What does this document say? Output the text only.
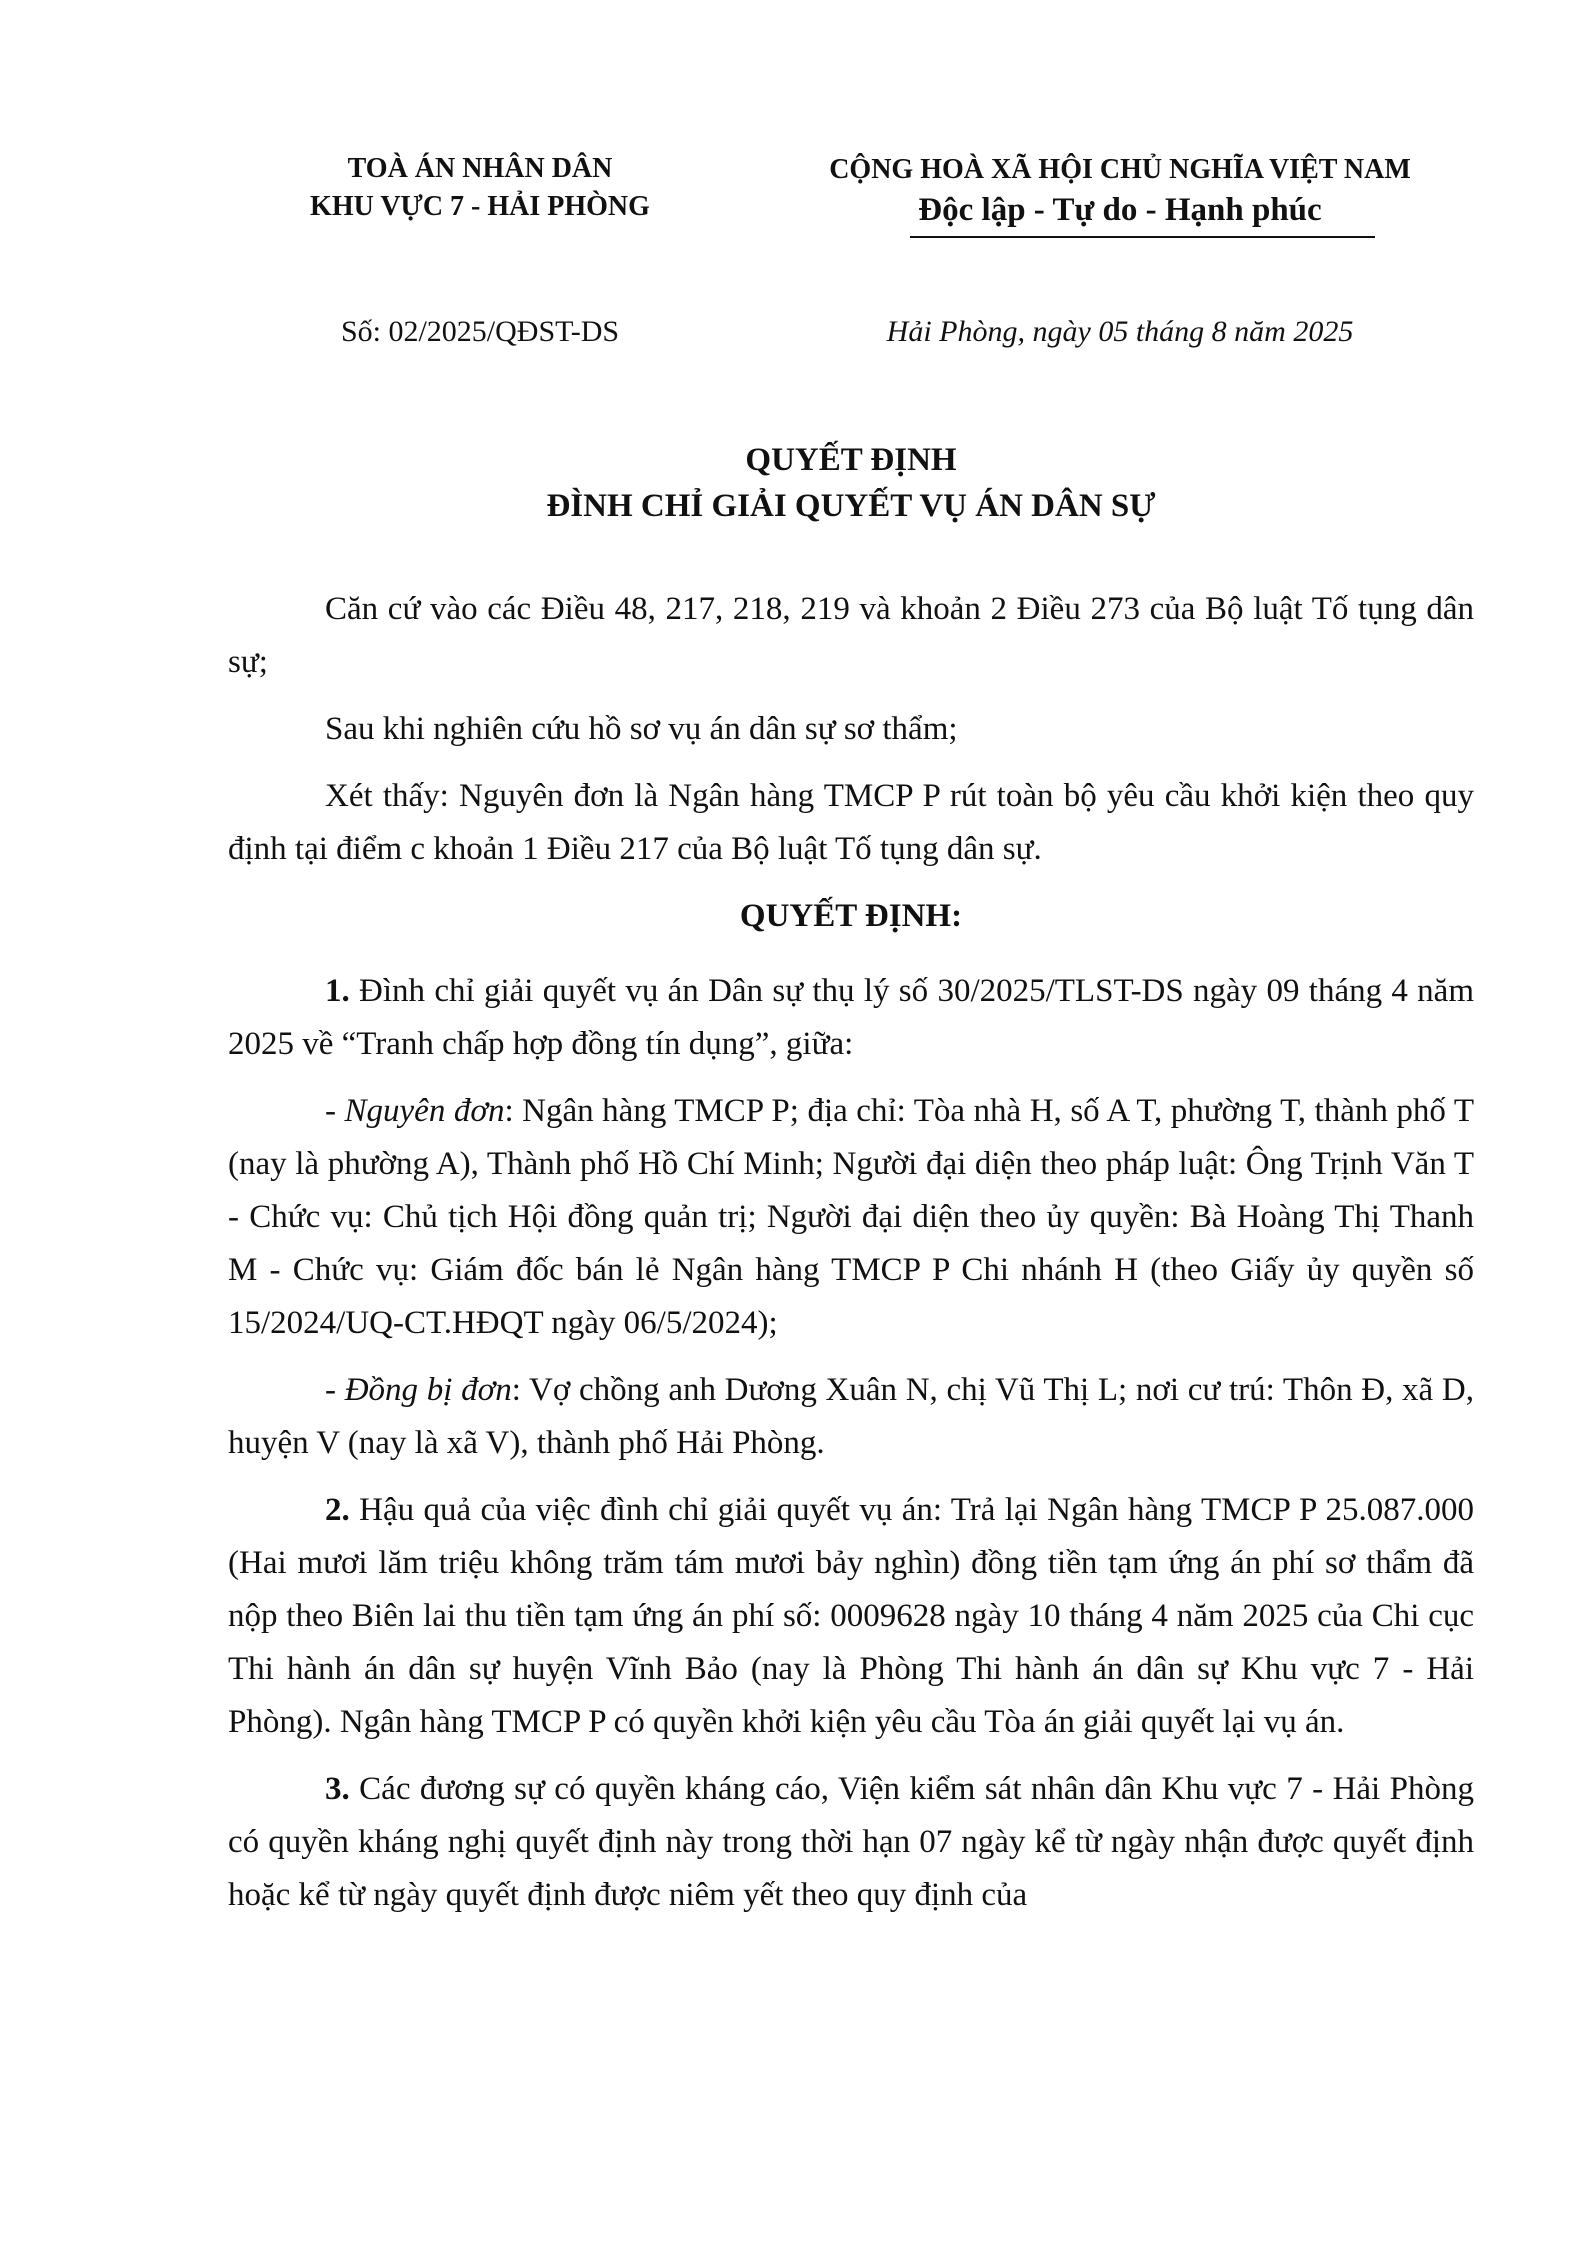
TOÀ ÁN NHÂN DÂN
KHU VỰC 7 - HẢI PHÒNG
CỘNG HOÀ XÃ HỘI CHỦ NGHĨA VIỆT NAM
Độc lập - Tự do - Hạnh phúc
Số: 02/2025/QĐST-DS	Hải Phòng, ngày 05 tháng 8 năm 2025
QUYẾT ĐỊNH
ĐÌNH CHỈ GIẢI QUYẾT VỤ ÁN DÂN SỰ

Căn cứ vào các Điều 48, 217, 218, 219 và khoản 2 Điều 273 của Bộ luật Tố tụng dân sự;

Sau khi nghiên cứu hồ sơ vụ án dân sự sơ thẩm;

Xét thấy: Nguyên đơn là Ngân hàng TMCP P rút toàn bộ yêu cầu khởi kiện theo quy định tại điểm c khoản 1 Điều 217 của Bộ luật Tố tụng dân sự.

QUYẾT ĐỊNH:

1. Đình chỉ giải quyết vụ án Dân sự thụ lý số 30/2025/TLST-DS ngày 09 tháng 4 năm 2025 về “Tranh chấp hợp đồng tín dụng”, giữa:

- Nguyên đơn: Ngân hàng TMCP P; địa chỉ: Tòa nhà H, số A T, phường T, thành phố T (nay là phường A), Thành phố Hồ Chí Minh; Người đại diện theo pháp luật: Ông Trịnh Văn T - Chức vụ: Chủ tịch Hội đồng quản trị; Người đại diện theo ủy quyền: Bà Hoàng Thị Thanh M - Chức vụ: Giám đốc bán lẻ Ngân hàng TMCP P Chi nhánh H (theo Giấy ủy quyền số 15/2024/UQ-CT.HĐQT ngày 06/5/2024);

- Đồng bị đơn: Vợ chồng anh Dương Xuân N, chị Vũ Thị L; nơi cư trú: Thôn Đ, xã D, huyện V (nay là xã V), thành phố Hải Phòng.

2. Hậu quả của việc đình chỉ giải quyết vụ án: Trả lại Ngân hàng TMCP P 25.087.000 (Hai mươi lăm triệu không trăm tám mươi bảy nghìn) đồng tiền tạm ứng án phí sơ thẩm đã nộp theo Biên lai thu tiền tạm ứng án phí số: 0009628 ngày 10 tháng 4 năm 2025 của Chi cục Thi hành án dân sự huyện Vĩnh Bảo (nay là Phòng Thi hành án dân sự Khu vực 7 - Hải Phòng). Ngân hàng TMCP P có quyền khởi kiện yêu cầu Tòa án giải quyết lại vụ án.

3. Các đương sự có quyền kháng cáo, Viện kiểm sát nhân dân Khu vực 7 - Hải Phòng có quyền kháng nghị quyết định này trong thời hạn 07 ngày kể từ ngày nhận được quyết định hoặc kể từ ngày quyết định được niêm yết theo quy định của
